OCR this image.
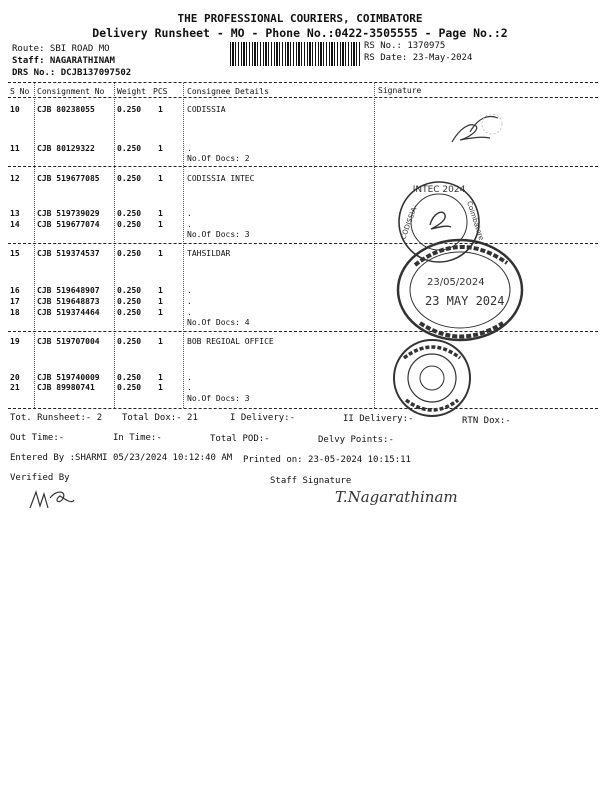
THE PROFESSIONAL COURIERS, COIMBATORE
Delivery Runsheet - MO - Phone No.:0422-3505555 - Page No.:2
Route: SBI ROAD MO
Staff: NAGARATHINAM
DRS No.: DCJB137097502
RS No.: 1370975
RS Date: 23-May-2024
S No Consignment No Weight PCS Consignee Details	Signature
10 CJB 80238055	0.250 1	CODISSIA
11 CJB 80129322	0.250 1	.
No.Of Docs: 2
12 CJB 519677085 0.250 1	CODISSIA INTEC
13 CJB 519739029 0.250 1	.
14 CJB 519677074 0.250 1	.
No.Of Docs: 3
15 CJB 519374537 0.250 1	TAHSILDAR
16 CJB 519648907 0.250 1	.
17 CJB 519648873 0.250 1	.
18 CJB 519374464 0.250 1	.
No.Of Docs: 4
19 CJB 519707004 0.250 1	BOB REGIOAL OFFICE
20 CJB 519740009 0.250 1	.
21 CJB 89980741	0.250 1	.
No.Of Docs: 3
Tot. Runsheet:- 2 Total Dox:- 21	I Delivery:-	II Delivery:-	RTN Dox:-
Out Time:-	In Time:-	Total POD:-	Delvy Points:-
Entered By :SHARMI 05/23/2024 10:12:40 AM Printed on: 23-05-2024 10:15:11
Verified By	Staff Signature
INTEC 2024
CODISSIA-	Coimbatore
23/05/2024
23 MAY 2024
T.Nagarathinam
